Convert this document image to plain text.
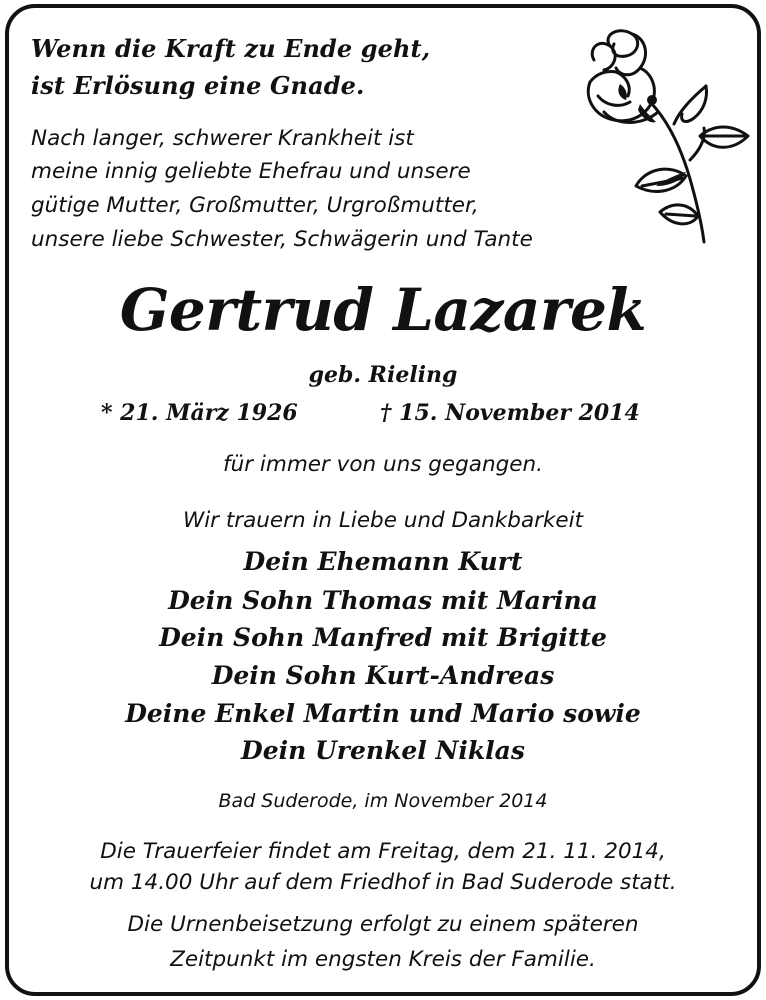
Wenn die Kraft zu Ende geht,
ist Erlösung eine Gnade.
Nach langer, schwerer Krankheit ist
meine innig geliebte Ehefrau und unsere
gütige Mutter, Großmutter, Urgroßmutter,
unsere liebe Schwester, Schwägerin und Tante
Gertrud Lazarek
geb. Rieling
* 21. März 1926	† 15. November 2014
für immer von uns gegangen.
Wir trauern in Liebe und Dankbarkeit
Dein Ehemann Kurt
Dein Sohn Thomas mit Marina
Dein Sohn Manfred mit Brigitte
Dein Sohn Kurt-Andreas
Deine Enkel Martin und Mario sowie
Dein Urenkel Niklas
Bad Suderode, im November 2014
Die Trauerfeier findet am Freitag, dem 21. 11. 2014,
um 14.00 Uhr auf dem Friedhof in Bad Suderode statt.
Die Urnenbeisetzung erfolgt zu einem späteren
Zeitpunkt im engsten Kreis der Familie.
